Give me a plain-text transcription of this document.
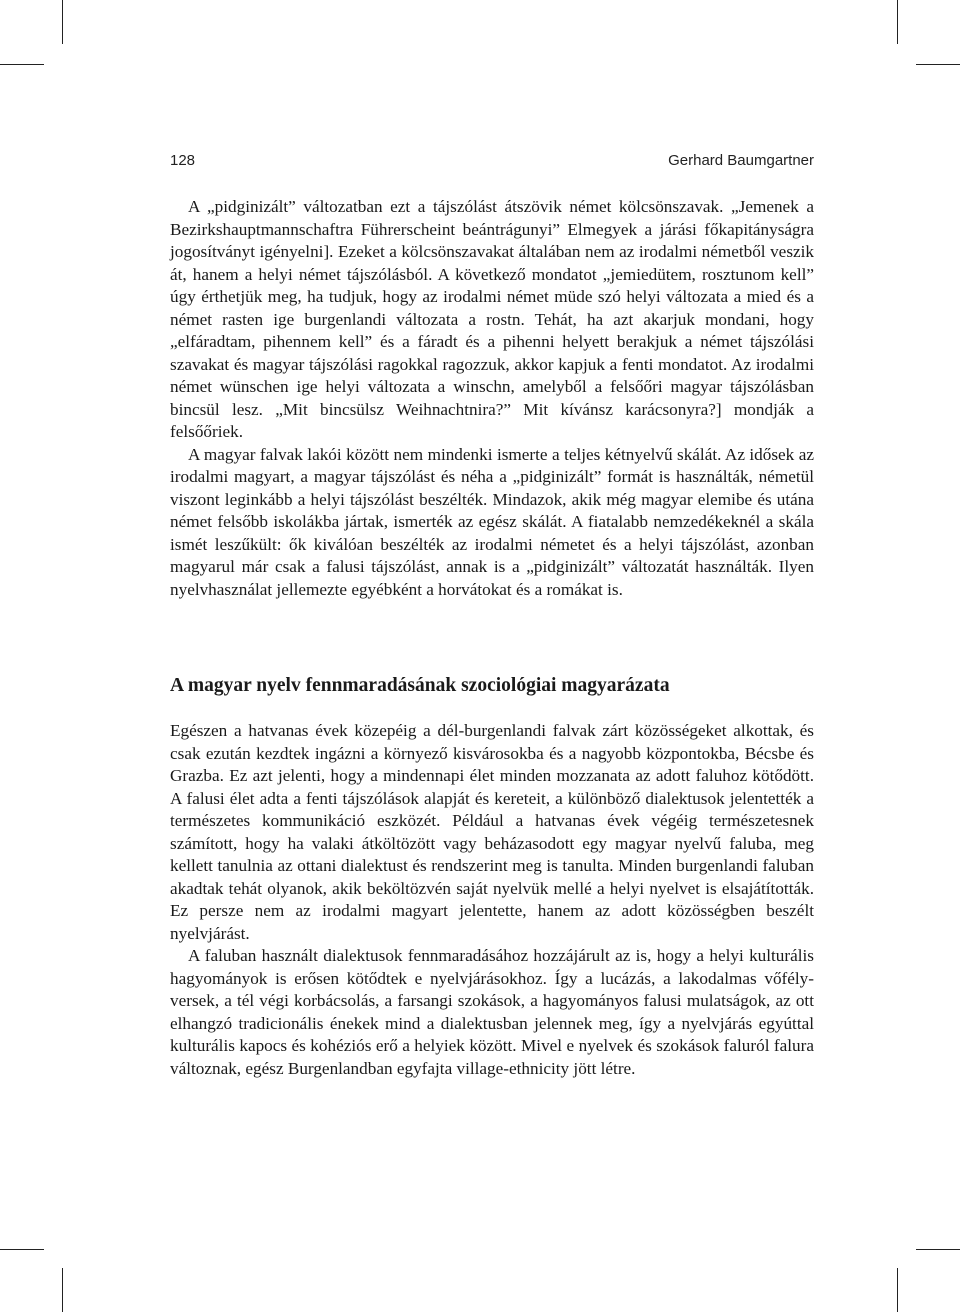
128	Gerhard Baumgartner

A „pidginizált” változatban ezt a tájszólást átszövik német kölcsönszavak. „Jemenek a Bezirkshauptmannschaftra Führerscheint beántrágunyi” Elmegyek a járási főkapitányságra jogosítványt igényelni]. Ezeket a kölcsönszavakat általában nem az irodalmi németből veszik át, hanem a helyi német tájszólásból. A következő mondatot „jemiedütem, rosztunom kell” úgy érthetjük meg, ha tudjuk, hogy az irodalmi német müde szó helyi változata a mied és a német rasten ige burgenlandi változata a rostn. Tehát, ha azt akarjuk mondani, hogy „elfáradtam, pihennem kell” és a fáradt és a pihenni helyett berakjuk a német tájszólási szavakat és magyar tájszólási ragokkal ragozzuk, akkor kapjuk a fenti mondatot. Az irodalmi német wünschen ige helyi változata a winschn, amelyből a felsőőri magyar tájszólásban bincsül lesz. „Mit bincsülsz Weihnachtnira?” Mit kívánsz karácsonyra?] mondják a felsőőriek.

A magyar falvak lakói között nem mindenki ismerte a teljes kétnyelvű skálát. Az idősek az irodalmi magyart, a magyar tájszólást és néha a „pidginizált” formát is használták, németül viszont leginkább a helyi tájszólást beszélték. Mindazok, akik még magyar elemibe és utána német felsőbb iskolákba jártak, ismerték az egész skálát. A fiatalabb nemzedékeknél a skála ismét leszűkült: ők kiválóan beszélték az irodalmi németet és a helyi tájszólást, azonban magyarul már csak a falusi tájszólást, annak is a „pidginizált” változatát használták. Ilyen nyelvhasználat jellemezte egyébként a horvátokat és a romákat is.

A magyar nyelv fennmaradásának szociológiai magyarázata

Egészen a hatvanas évek közepéig a dél-burgenlandi falvak zárt közösségeket alkottak, és csak ezután kezdtek ingázni a környező kisvárosokba és a nagyobb központokba, Bécsbe és Grazba. Ez azt jelenti, hogy a mindennapi élet minden mozzanata az adott faluhoz kötődött. A falusi élet adta a fenti tájszólások alapját és kereteit, a különböző dialektusok jelentették a természetes kommunikáció eszközét. Például a hatvanas évek végéig természetesnek számított, hogy ha valaki átköltözött vagy beházasodott egy magyar nyelvű faluba, meg kellett tanulnia az ottani dialektust és rendszerint meg is tanulta. Minden burgenlandi faluban akadtak tehát olyanok, akik beköltözvén saját nyelvük mellé a helyi nyelvet is elsajátították. Ez persze nem az irodalmi magyart jelentette, hanem az adott közösségben beszélt nyelvjárást.

A faluban használt dialektusok fennmaradásához hozzájárult az is, hogy a helyi kulturális hagyományok is erősen kötődtek e nyelvjárásokhoz. Így a lucázás, a lakodalmas vőfély-versek, a tél végi korbácsolás, a farsangi szokások, a hagyományos falusi mulatságok, az ott elhangzó tradicionális énekek mind a dialektusban jelennek meg, így a nyelvjárás egyúttal kulturális kapocs és kohéziós erő a helyiek között. Mivel e nyelvek és szokások faluról falura változnak, egész Burgenlandban egyfajta village-ethnicity jött létre.
